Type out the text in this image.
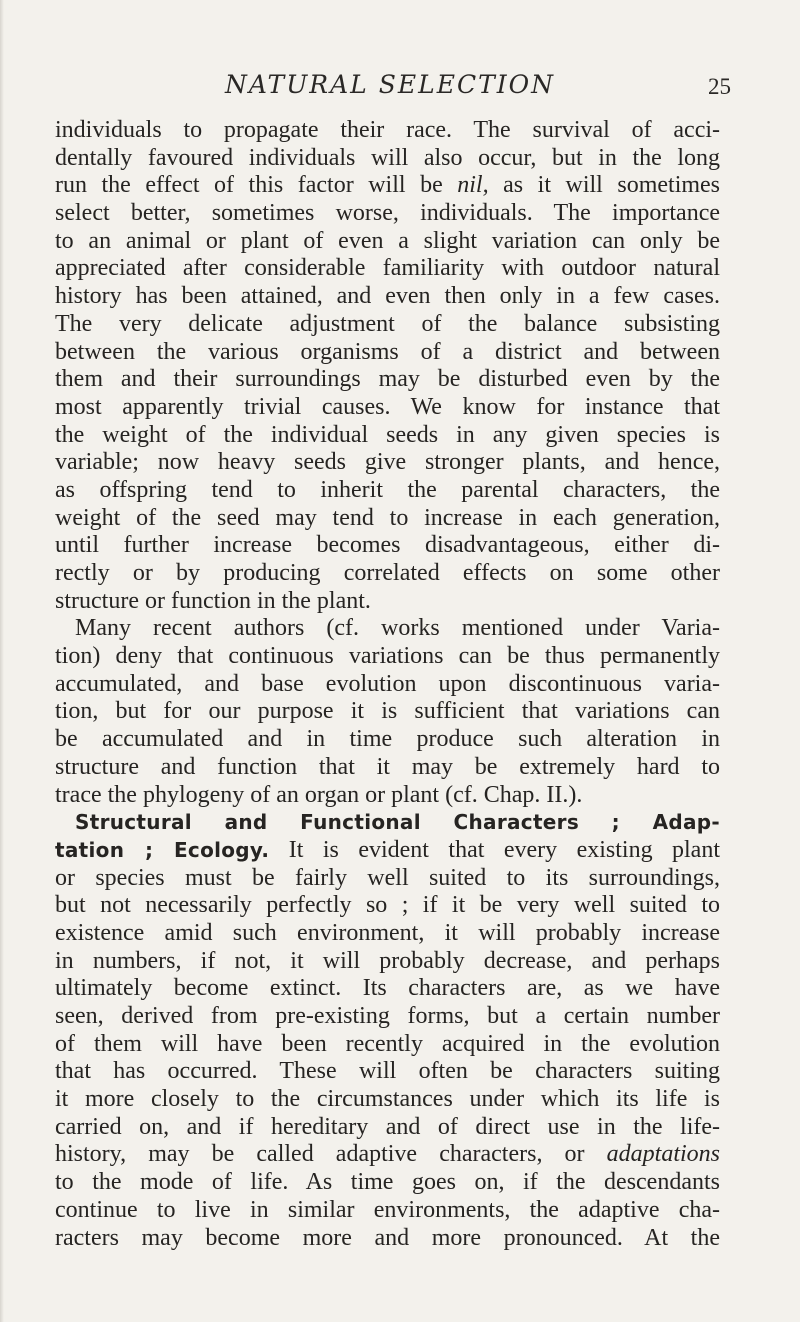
NATURAL SELECTION	25
individuals to propagate their race. The survival of acci-
dentally favoured individuals will also occur, but in the long
run the effect of this factor will be nil, as it will sometimes
select better, sometimes worse, individuals. The importance
to an animal or plant of even a slight variation can only be
appreciated after considerable familiarity with outdoor natural
history has been attained, and even then only in a few cases.
The very delicate adjustment of the balance subsisting
between the various organisms of a district and between
them and their surroundings may be disturbed even by the
most apparently trivial causes. We know for instance that
the weight of the individual seeds in any given species is
variable; now heavy seeds give stronger plants, and hence,
as offspring tend to inherit the parental characters, the
weight of the seed may tend to increase in each generation,
until further increase becomes disadvantageous, either di-
rectly or by producing correlated effects on some other
structure or function in the plant.
Many recent authors (cf. works mentioned under Varia-
tion) deny that continuous variations can be thus permanently
accumulated, and base evolution upon discontinuous varia-
tion, but for our purpose it is sufficient that variations can
be accumulated and in time produce such alteration in
structure and function that it may be extremely hard to
trace the phylogeny of an organ or plant (cf. Chap. II.).
Structural and Functional Characters ; Adap-
tation ; Ecology. It is evident that every existing plant
or species must be fairly well suited to its surroundings,
but not necessarily perfectly so ; if it be very well suited to
existence amid such environment, it will probably increase
in numbers, if not, it will probably decrease, and perhaps
ultimately become extinct. Its characters are, as we have
seen, derived from pre-existing forms, but a certain number
of them will have been recently acquired in the evolution
that has occurred. These will often be characters suiting
it more closely to the circumstances under which its life is
carried on, and if hereditary and of direct use in the life-
history, may be called adaptive characters, or adaptations
to the mode of life. As time goes on, if the descendants
continue to live in similar environments, the adaptive cha-
racters may become more and more pronounced. At the
